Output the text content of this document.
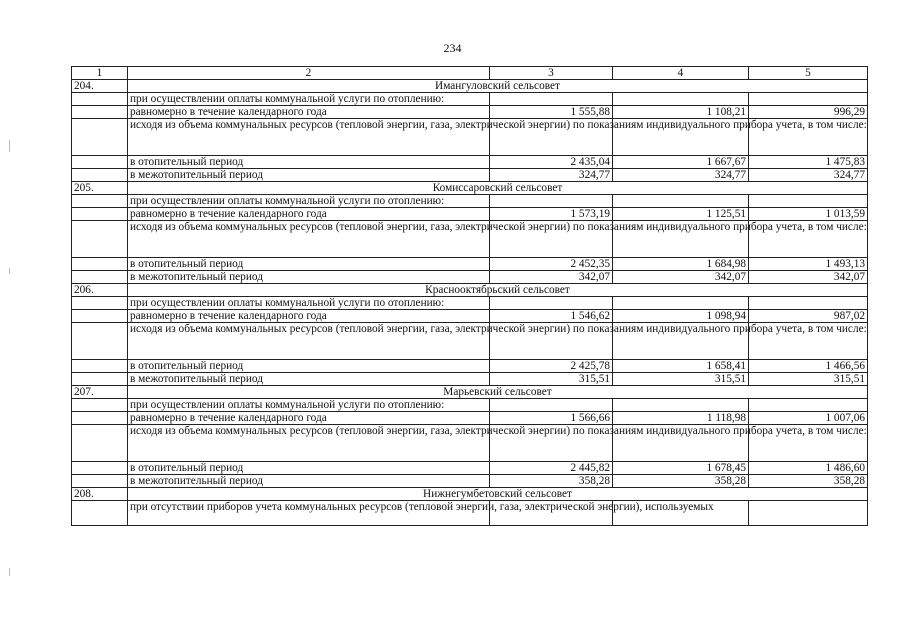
234
1	2	3	4	5
204.	Имангуловский сельсовет			
	при осуществлении оплаты коммунальной услуги по отоплению:			
	равномерно в течение календарного года	1 555,88	1 108,21	996,29
	исходя из объема коммунальных ресурсов (тепловой энергии, газа, электрической энергии) по показаниям индивидуального прибора учета, в том числе:			
	в отопительный период	2 435,04	1 667,67	1 475,83
	в межотопительный период	324,77	324,77	324,77
205.	Комиссаровский сельсовет			
	при осуществлении оплаты коммунальной услуги по отоплению:			
	равномерно в течение календарного года	1 573,19	1 125,51	1 013,59
	исходя из объема коммунальных ресурсов (тепловой энергии, газа, электрической энергии) по показаниям индивидуального прибора учета, в том числе:			
	в отопительный период	2 452,35	1 684,98	1 493,13
	в межотопительный период	342,07	342,07	342,07
206.	Краснооктябрьский сельсовет			
	при осуществлении оплаты коммунальной услуги по отоплению:			
	равномерно в течение календарного года	1 546,62	1 098,94	987,02
	исходя из объема коммунальных ресурсов (тепловой энергии, газа, электрической энергии) по показаниям индивидуального прибора учета, в том числе:			
	в отопительный период	2 425,78	1 658,41	1 466,56
	в межотопительный период	315,51	315,51	315,51
207.	Марьевский сельсовет			
	при осуществлении оплаты коммунальной услуги по отоплению:			
	равномерно в течение календарного года	1 566,66	1 118,98	1 007,06
	исходя из объема коммунальных ресурсов (тепловой энергии, газа, электрической энергии) по показаниям индивидуального прибора учета, в том числе:			
	в отопительный период	2 445,82	1 678,45	1 486,60
	в межотопительный период	358,28	358,28	358,28
208.	Нижнегумбетовский сельсовет			
	при отсутствии приборов учета коммунальных ресурсов (тепловой энергии, газа, электрической энергии), используемых			
